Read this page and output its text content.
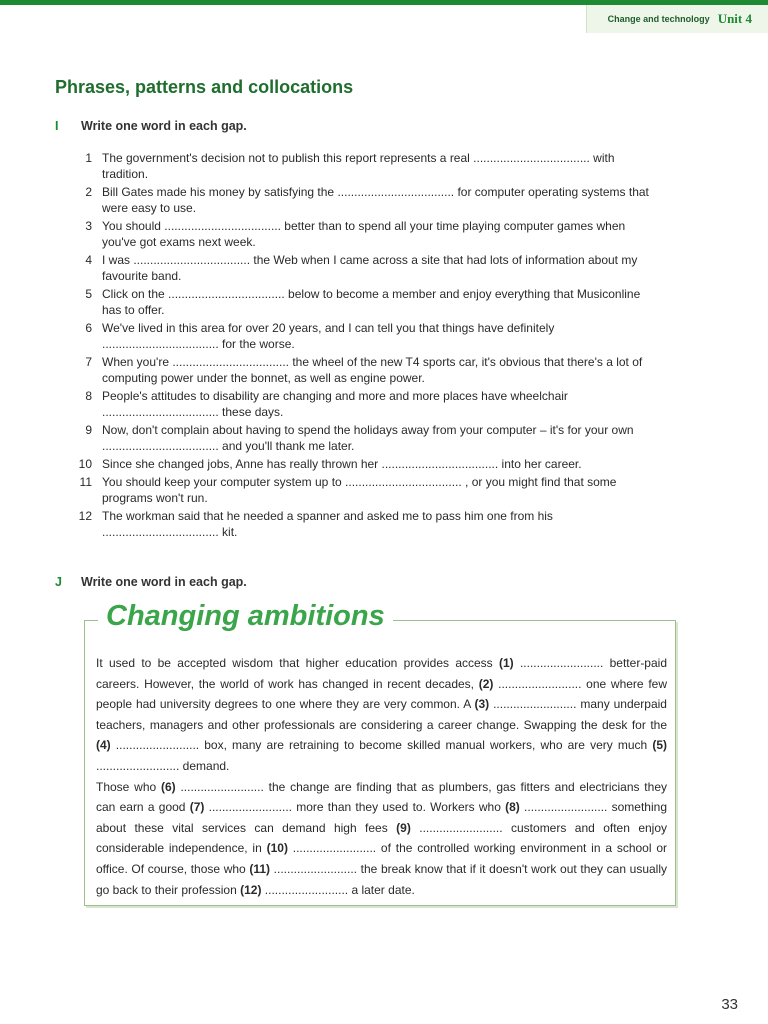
Change and technology Unit 4
Phrases, patterns and collocations
I Write one word in each gap.
1 The government's decision not to publish this report represents a real ................................... with tradition.
2 Bill Gates made his money by satisfying the ................................... for computer operating systems that were easy to use.
3 You should ................................... better than to spend all your time playing computer games when you've got exams next week.
4 I was ................................... the Web when I came across a site that had lots of information about my favourite band.
5 Click on the ................................... below to become a member and enjoy everything that Musiconline has to offer.
6 We've lived in this area for over 20 years, and I can tell you that things have definitely ................................... for the worse.
7 When you're ................................... the wheel of the new T4 sports car, it's obvious that there's a lot of computing power under the bonnet, as well as engine power.
8 People's attitudes to disability are changing and more and more places have wheelchair ................................... these days.
9 Now, don't complain about having to spend the holidays away from your computer – it's for your own ................................... and you'll thank me later.
10 Since she changed jobs, Anne has really thrown her ................................... into her career.
11 You should keep your computer system up to ................................... , or you might find that some programs won't run.
12 The workman said that he needed a spanner and asked me to pass him one from his ................................... kit.
J Write one word in each gap.
Changing ambitions

It used to be accepted wisdom that higher education provides access (1) ......................... better-paid careers. However, the world of work has changed in recent decades, (2) ......................... one where few people had university degrees to one where they are very common. A (3) ......................... many underpaid teachers, managers and other professionals are considering a career change. Swapping the desk for the (4) ......................... box, many are retraining to become skilled manual workers, who are very much (5) ......................... demand.

Those who (6) ......................... the change are finding that as plumbers, gas fitters and electricians they can earn a good (7) ......................... more than they used to. Workers who (8) ......................... something about these vital services can demand high fees (9) ......................... customers and often enjoy considerable independence, in (10) ......................... of the controlled working environment in a school or office. Of course, those who (11) ......................... the break know that if it doesn't work out they can usually go back to their profession (12) ......................... a later date.

33
